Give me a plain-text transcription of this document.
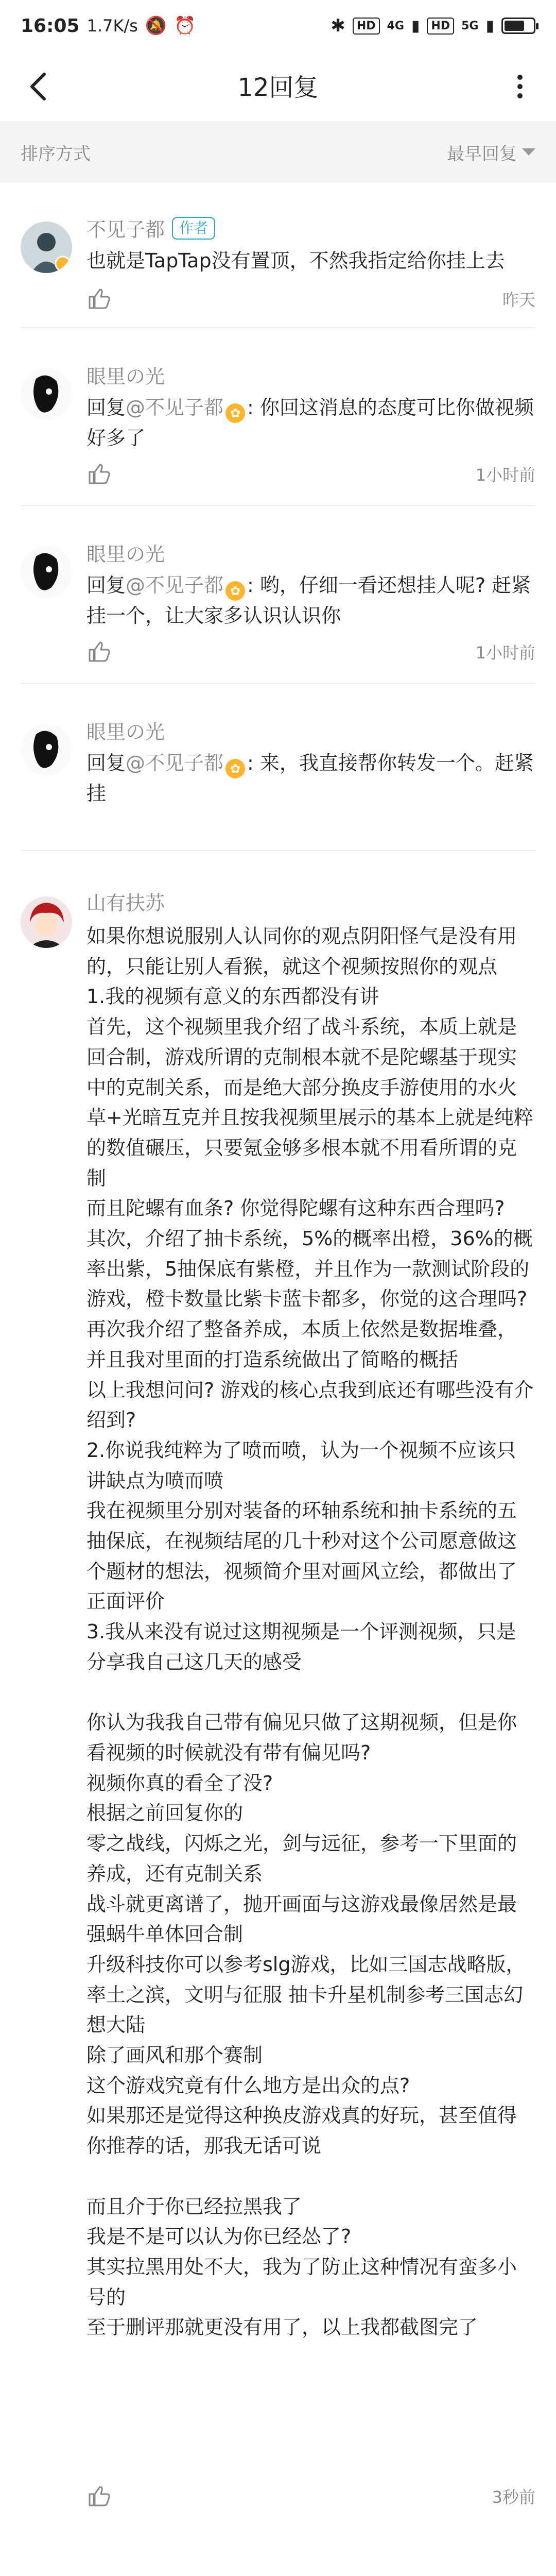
16:05 1.7K/s 🔕 ⏰	✱	HD	4G ▮	HD	5G ▮
12回复
排序方式	最早回复
不见子都	作者

也就是TapTap没有置顶，不然我指定给你挂上去

昨天
眼里の光

回复@不见子都 ✿ : 你回这消息的态度可比你做视频好多了

1小时前
眼里の光

回复@不见子都 ✿ : 哟，仔细一看还想挂人呢? 赶紧挂一个，让大家多认识认识你

1小时前
眼里の光

回复@不见子都 ✿ : 来，我直接帮你转发一个。赶紧挂

山有扶苏

如果你想说服别人认同你的观点阴阳怪气是没有用的，只能让别人看猴，就这个视频按照你的观点
1.我的视频有意义的东西都没有讲
首先，这个视频里我介绍了战斗系统，本质上就是回合制，游戏所谓的克制根本就不是陀螺基于现实中的克制关系，而是绝大部分换皮手游使用的水火草+光暗互克并且按我视频里展示的基本上就是纯粹的数值碾压，只要氪金够多根本就不用看所谓的克制
而且陀螺有血条? 你觉得陀螺有这种东西合理吗?
其次，介绍了抽卡系统，5%的概率出橙，36%的概率出紫，5抽保底有紫橙，并且作为一款测试阶段的游戏，橙卡数量比紫卡蓝卡都多，你觉的这合理吗?
再次我介绍了整备养成，本质上依然是数据堆叠，并且我对里面的打造系统做出了简略的概括
以上我想问问? 游戏的核心点我到底还有哪些没有介绍到?
2.你说我纯粹为了喷而喷，认为一个视频不应该只讲缺点为喷而喷
我在视频里分别对装备的环轴系统和抽卡系统的五抽保底，在视频结尾的几十秒对这个公司愿意做这个题材的想法，视频简介里对画风立绘，都做出了正面评价
3.我从来没有说过这期视频是一个评测视频，只是分享我自己这几天的感受

你认为我我自己带有偏见只做了这期视频，但是你看视频的时候就没有带有偏见吗?
视频你真的看全了没?
根据之前回复你的
零之战线，闪烁之光，剑与远征，参考一下里面的养成，还有克制关系
战斗就更离谱了，抛开画面与这游戏最像居然是最强蜗牛单体回合制
升级科技你可以参考slg游戏，比如三国志战略版，率土之滨，文明与征服 抽卡升星机制参考三国志幻想大陆
除了画风和那个赛制
这个游戏究竟有什么地方是出众的点?
如果那还是觉得这种换皮游戏真的好玩，甚至值得你推荐的话，那我无话可说

而且介于你已经拉黑我了
我是不是可以认为你已经怂了?
其实拉黑用处不大，我为了防止这种情况有蛮多小号的
至于删评那就更没有用了，以上我都截图完了

3秒前
